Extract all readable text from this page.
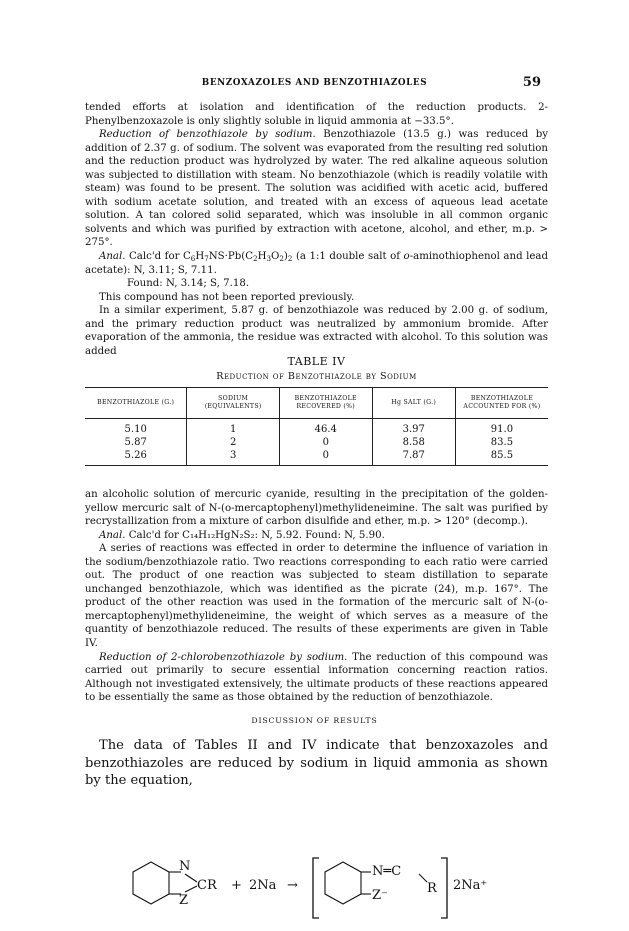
BENZOXAZOLES AND BENZOTHIAZOLES	59

tended efforts at isolation and identification of the reduction products. 2-Phenylbenzoxazole is only slightly soluble in liquid ammonia at −33.5°.

Reduction of benzothiazole by sodium. Benzothiazole (13.5 g.) was reduced by addition of 2.37 g. of sodium. The solvent was evaporated from the resulting red solution and the reduction product was hydrolyzed by water. The red alkaline aqueous solution was subjected to distillation with steam. No benzothiazole (which is readily volatile with steam) was found to be present. The solution was acidified with acetic acid, buffered with sodium acetate solution, and treated with an excess of aqueous lead acetate solution. A tan colored solid separated, which was insoluble in all common organic solvents and which was purified by extraction with acetone, alcohol, and ether, m.p. > 275°.

Anal. Calc'd for $C_6H_7NS\cdot Pb(C_2H_3O_2)_2$ (a 1:1 double salt of o-aminothiophenol and lead acetate): N, 3.11; S, 7.11.

Found: N, 3.14; S, 7.18.

This compound has not been reported previously.

In a similar experiment, 5.87 g. of benzothiazole was reduced by 2.00 g. of sodium, and the primary reduction product was neutralized by ammonium bromide. After evaporation of the ammonia, the residue was extracted with alcohol. To this solution was added

TABLE IV
Reduction of Benzothiazole by Sodium
BENZOTHIAZOLE (G.)	SODIUM (EQUIVALENTS)	BENZOTHIAZOLE RECOVERED (%)	Hg SALT (G.)	BENZOTHIAZOLE ACCOUNTED FOR (%)
5.10	1	46.4	3.97	91.0
5.87	2	0	8.58	83.5
5.26	3	0	7.87	85.5

an alcoholic solution of mercuric cyanide, resulting in the precipitation of the golden-yellow mercuric salt of N-(o-mercaptophenyl)methylideneimine. The salt was purified by recrystallization from a mixture of carbon disulfide and ether, m.p. > 120° (decomp.).

Anal. Calc'd for C₁₄H₁₂HgN₂S₂: N, 5.92. Found: N, 5.90.

A series of reactions was effected in order to determine the influence of variation in the sodium/benzothiazole ratio. Two reactions corresponding to each ratio were carried out. The product of one reaction was subjected to steam distillation to separate unchanged benzothiazole, which was identified as the picrate (24), m.p. 167°. The product of the other reaction was used in the formation of the mercuric salt of N-(o-mercaptophenyl)methylideneimine, the weight of which serves as a measure of the quantity of benzothiazole reduced. The results of these experiments are given in Table IV.

Reduction of 2-chlorobenzothiazole by sodium. The reduction of this compound was carried out primarily to secure essential information concerning reaction ratios. Although not investigated extensively, the ultimate products of these reactions appeared to be essentially the same as those obtained by the reduction of benzothiazole.

DISCUSSION OF RESULTS

The data of Tables II and IV indicate that benzoxazoles and benzothiazoles are reduced by sodium in liquid ammonia as shown by the equation,

N
Z
CR + 2Na →
N═C
R
Z⁻
2Na⁺
